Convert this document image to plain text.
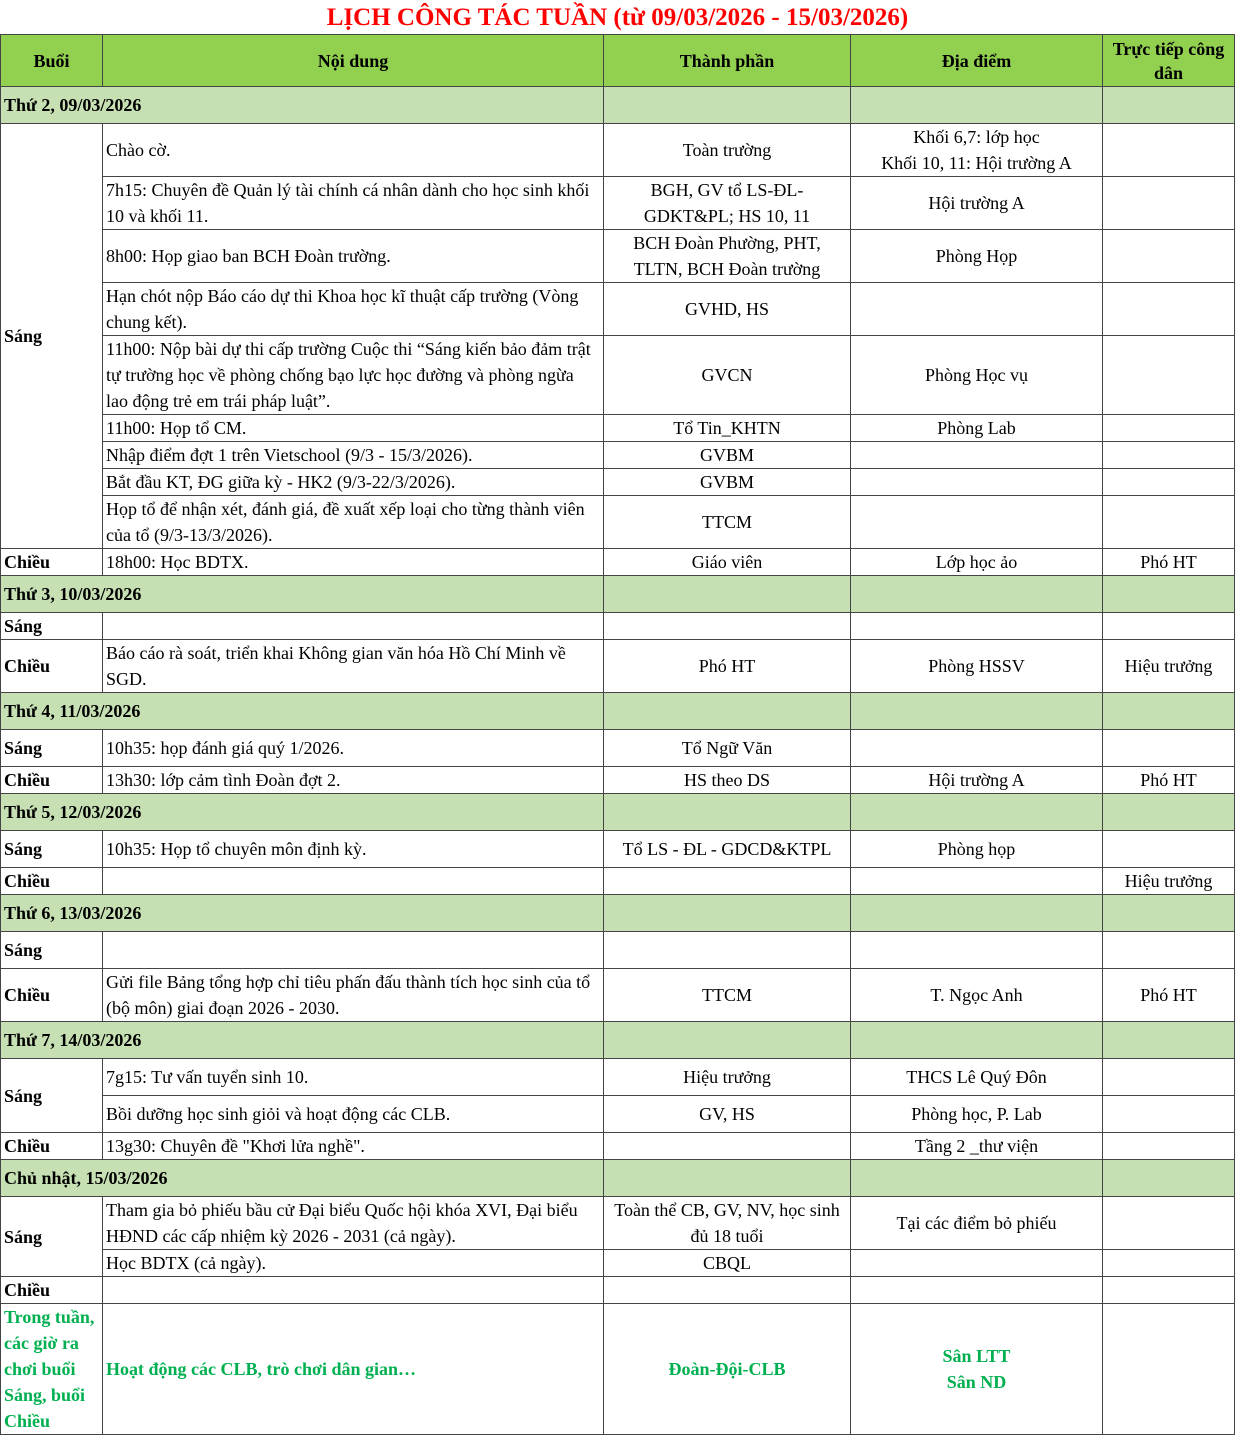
LỊCH CÔNG TÁC TUẦN (từ 09/03/2026 - 15/03/2026)
Buổi	Nội dung	Thành phần	Địa điểm	Trực tiếp công dân
Thứ 2, 09/03/2026				
Sáng	Chào cờ.	Toàn trường	Khối 6,7: lớp học
Khối 10, 11: Hội trường A	
	7h15: Chuyên đề Quản lý tài chính cá nhân dành cho học sinh khối 10 và khối 11.	BGH, GV tổ LS-ĐL-GDKT&PL; HS 10, 11	Hội trường A	
	8h00: Họp giao ban BCH Đoàn trường.	BCH Đoàn Phường, PHT, TLTN, BCH Đoàn trường	Phòng Họp	
	Hạn chót nộp Báo cáo dự thi Khoa học kĩ thuật cấp trường (Vòng chung kết).	GVHD, HS		
	11h00: Nộp bài dự thi cấp trường Cuộc thi “Sáng kiến bảo đảm trật tự trường học về phòng chống bạo lực học đường và phòng ngừa lao động trẻ em trái pháp luật”.	GVCN	Phòng Học vụ	
	11h00: Họp tổ CM.	Tổ Tin_KHTN	Phòng Lab	
	Nhập điểm đợt 1 trên Vietschool (9/3 - 15/3/2026).	GVBM		
	Bắt đầu KT, ĐG giữa kỳ - HK2 (9/3-22/3/2026).	GVBM		
	Họp tổ để nhận xét, đánh giá, đề xuất xếp loại cho từng thành viên của tổ (9/3-13/3/2026).	TTCM		
Chiều	18h00: Học BDTX.	Giáo viên	Lớp học ảo	Phó HT
Thứ 3, 10/03/2026				
Sáng				
Chiều	Báo cáo rà soát, triển khai Không gian văn hóa Hồ Chí Minh về SGD.	Phó HT	Phòng HSSV	Hiệu trưởng
Thứ 4, 11/03/2026				
Sáng	10h35: họp đánh giá quý 1/2026.	Tổ Ngữ Văn		
Chiều	13h30: lớp cảm tình Đoàn đợt 2.	HS theo DS	Hội trường A	Phó HT
Thứ 5, 12/03/2026				
Sáng	10h35: Họp tổ chuyên môn định kỳ.	Tổ LS - ĐL - GDCD&KTPL	Phòng họp	
Chiều				Hiệu trưởng
Thứ 6, 13/03/2026				
Sáng				
Chiều	Gửi file Bảng tổng hợp chỉ tiêu phấn đấu thành tích học sinh của tổ (bộ môn) giai đoạn 2026 - 2030.	TTCM	T. Ngọc Anh	Phó HT
Thứ 7, 14/03/2026				
Sáng	7g15: Tư vấn tuyển sinh 10.	Hiệu trưởng	THCS Lê Quý Đôn	
	Bồi dưỡng học sinh giỏi và hoạt động các CLB.	GV, HS	Phòng học, P. Lab	
Chiều	13g30: Chuyên đề "Khơi lửa nghề".		Tầng 2 _thư viện	
Chủ nhật, 15/03/2026				
Sáng	Tham gia bỏ phiếu bầu cử Đại biểu Quốc hội khóa XVI, Đại biểu HĐND các cấp nhiệm kỳ 2026 - 2031 (cả ngày).	Toàn thể CB, GV, NV, học sinh đủ 18 tuổi	Tại các điểm bỏ phiếu	
	Học BDTX (cả ngày).	CBQL		
Chiều				
Trong tuần, các giờ ra chơi buổi Sáng, buổi Chiều	Hoạt động các CLB, trò chơi dân gian…	Đoàn-Đội-CLB	Sân LTT
Sân ND	
